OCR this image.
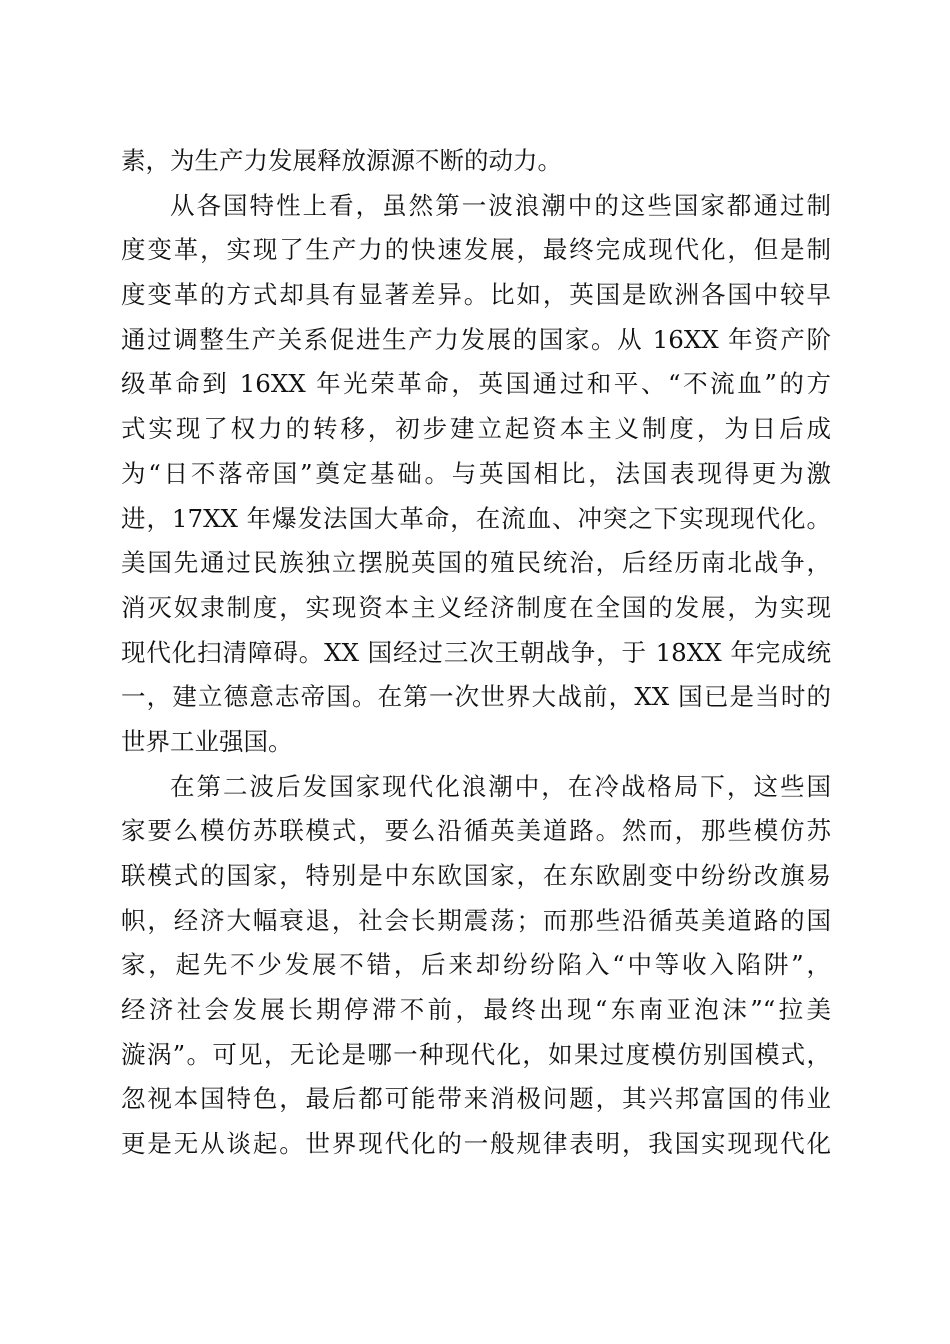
素，为生产力发展释放源源不断的动力。
从各国特性上看，虽然第一波浪潮中的这些国家都通过制
度变革，实现了生产力的快速发展，最终完成现代化，但是制
度变革的方式却具有显著差异。比如，英国是欧洲各国中较早
通过调整生产关系促进生产力发展的国家。从 16XX 年资产阶
级革命到 16XX 年光荣革命，英国通过和平、“不流血”的方
式实现了权力的转移，初步建立起资本主义制度，为日后成
为“日不落帝国”奠定基础。与英国相比，法国表现得更为激
进，17XX 年爆发法国大革命，在流血、冲突之下实现现代化。
美国先通过民族独立摆脱英国的殖民统治，后经历南北战争，
消灭奴隶制度，实现资本主义经济制度在全国的发展，为实现
现代化扫清障碍。XX 国经过三次王朝战争，于 18XX 年完成统
一，建立德意志帝国。在第一次世界大战前，XX 国已是当时的
世界工业强国。
在第二波后发国家现代化浪潮中，在冷战格局下，这些国
家要么模仿苏联模式，要么沿循英美道路。然而，那些模仿苏
联模式的国家，特别是中东欧国家，在东欧剧变中纷纷改旗易
帜，经济大幅衰退，社会长期震荡；而那些沿循英美道路的国
家，起先不少发展不错，后来却纷纷陷入“中等收入陷阱”，
经济社会发展长期停滞不前，最终出现“东南亚泡沫”“拉美
漩涡”。可见，无论是哪一种现代化，如果过度模仿别国模式，
忽视本国特色，最后都可能带来消极问题，其兴邦富国的伟业
更是无从谈起。世界现代化的一般规律表明，我国实现现代化
